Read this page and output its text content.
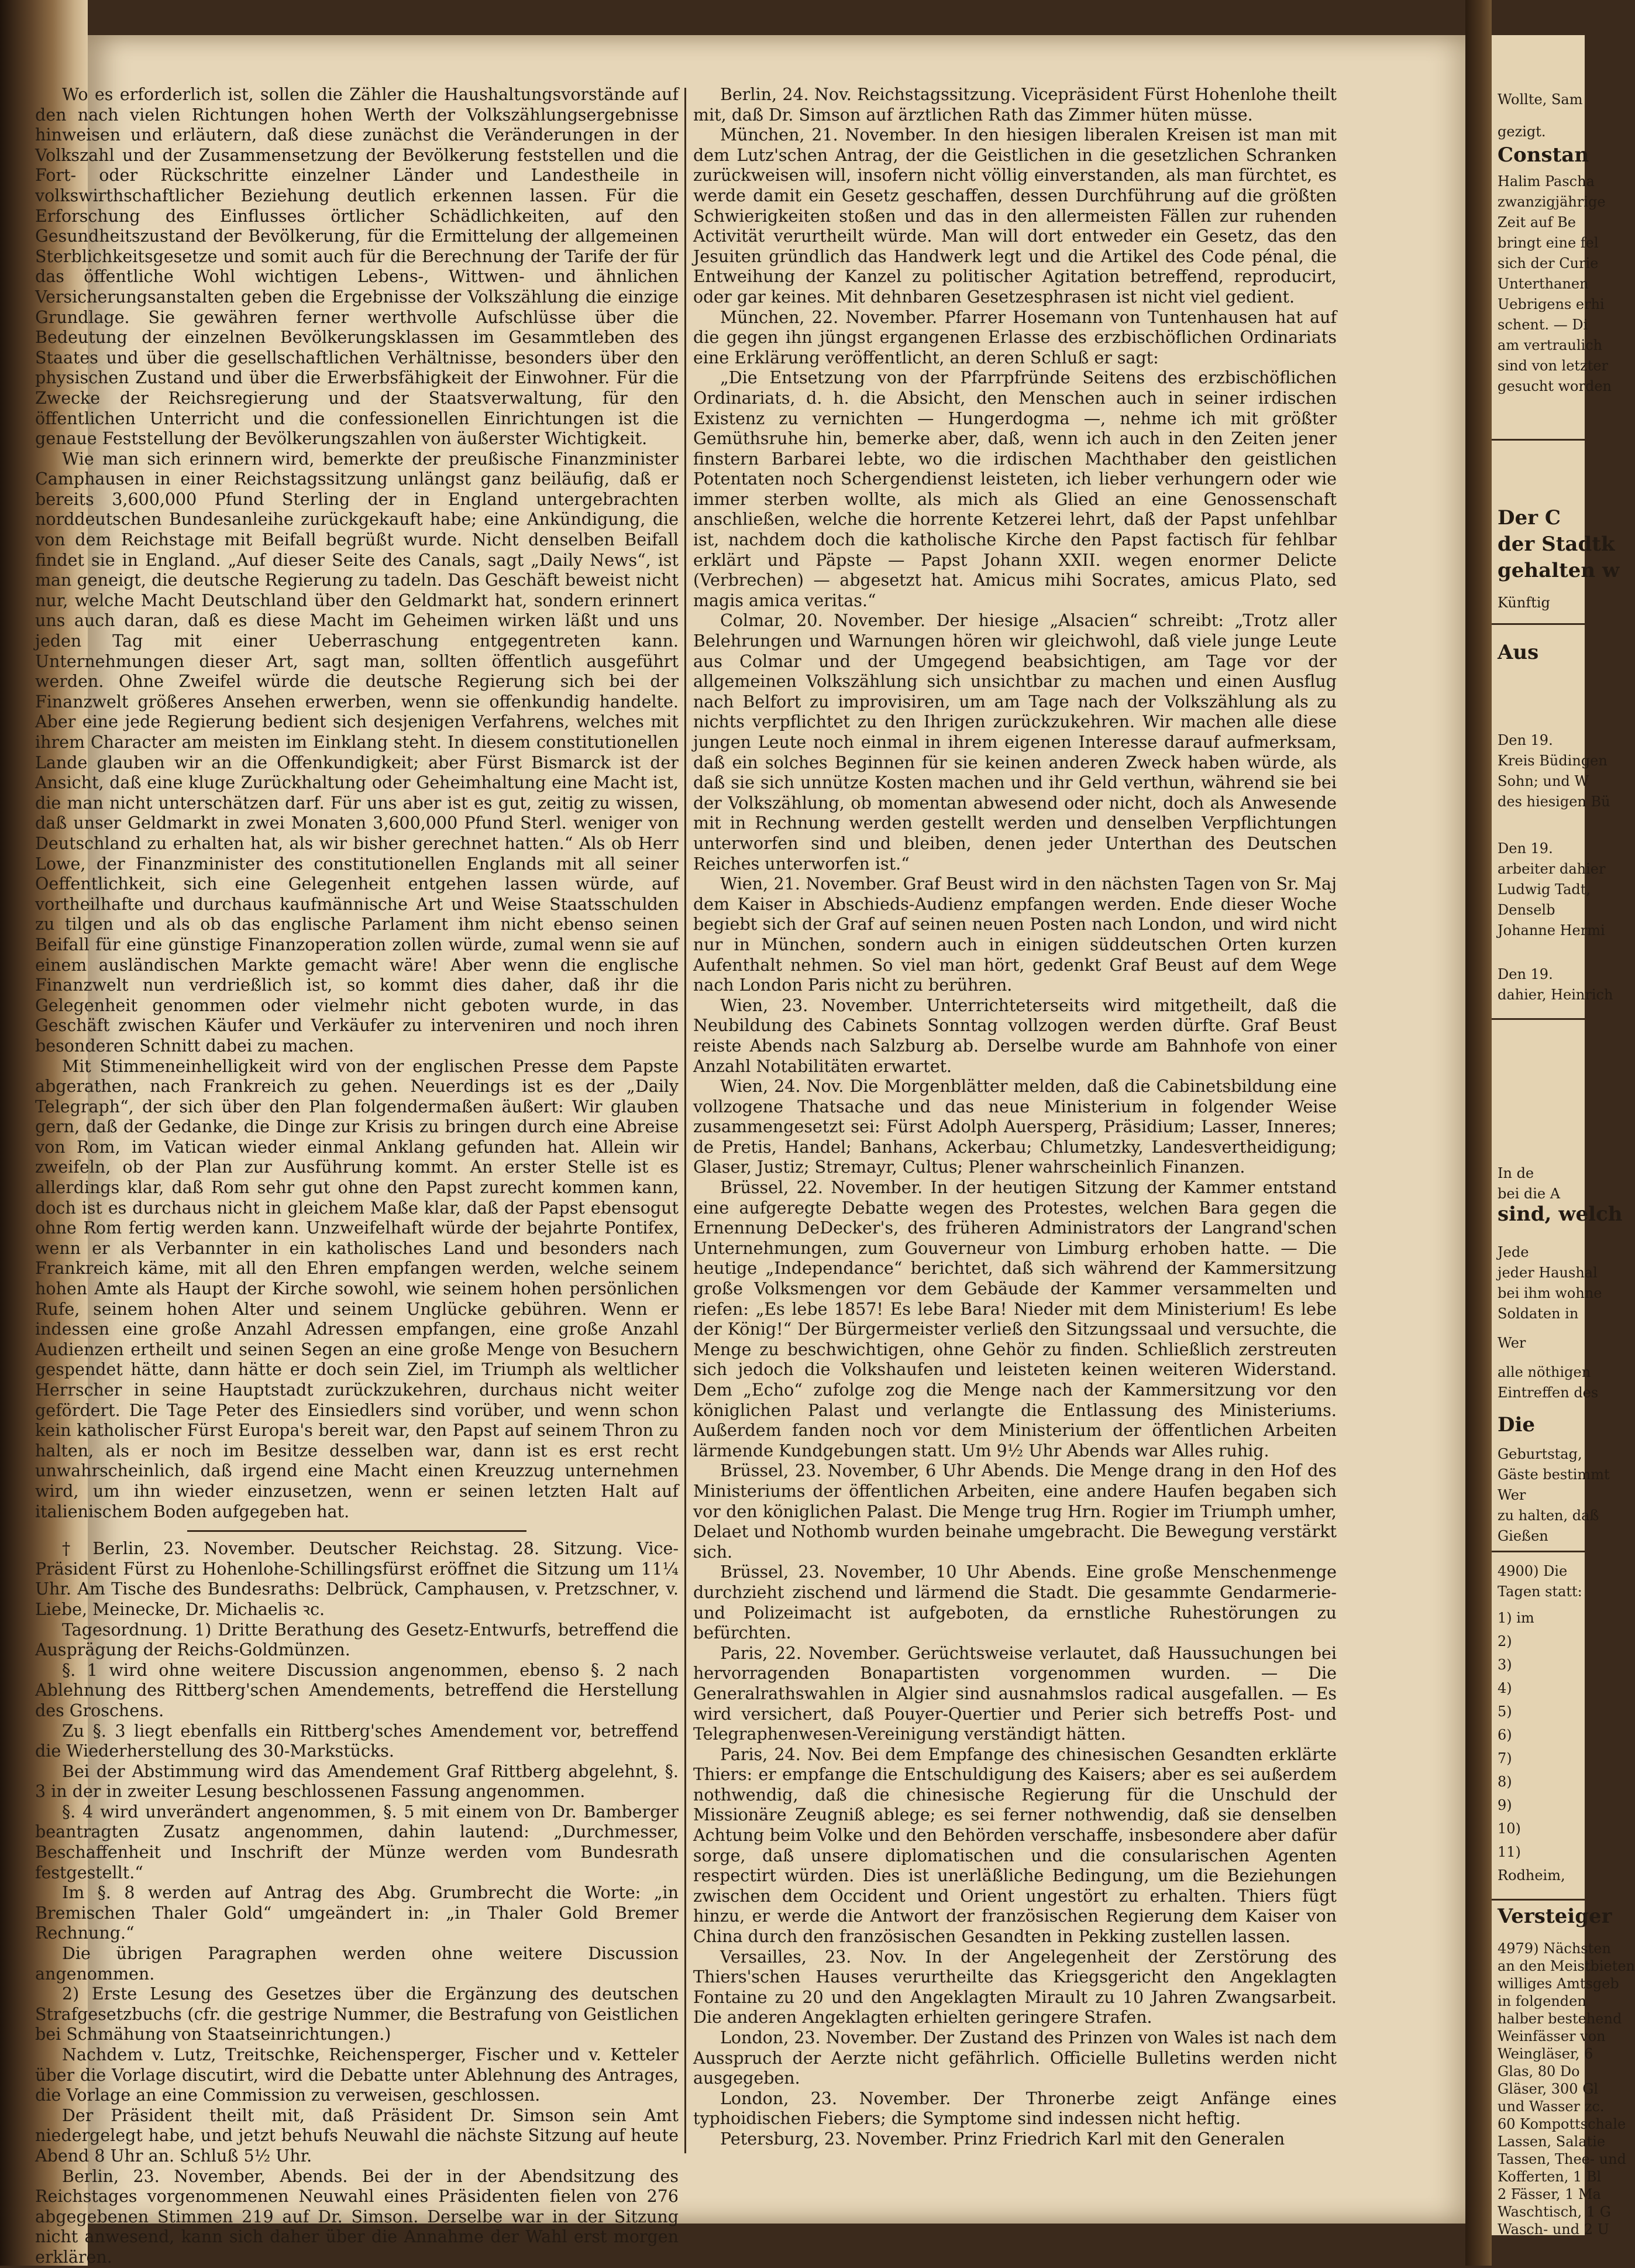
Wo es erforderlich ist, sollen die Zähler die Haushaltungsvorstände auf den nach vielen Richtungen hohen Werth der Volkszählungsergebnisse hinweisen und erläutern, daß diese zunächst die Veränderungen in der Volkszahl und der Zusammensetzung der Bevölkerung feststellen und die Fort- oder Rückschritte einzelner Länder und Landestheile in volkswirthschaftlicher Beziehung deutlich erkennen lassen. Für die Erforschung des Einflusses örtlicher Schädlichkeiten, auf den Gesundheitszustand der Bevölkerung, für die Ermittelung der allgemeinen Sterblichkeitsgesetze und somit auch für die Berechnung der Tarife der für das öffentliche Wohl wichtigen Lebens-, Wittwen- und ähnlichen Versicherungsanstalten geben die Ergebnisse der Volkszählung die einzige Grundlage. Sie gewähren ferner werthvolle Aufschlüsse über die Bedeutung der einzelnen Bevölkerungsklassen im Gesammtleben des Staates und über die gesellschaftlichen Verhältnisse, besonders über den physischen Zustand und über die Erwerbsfähigkeit der Einwohner. Für die Zwecke der Reichsregierung und der Staatsverwaltung, für den öffentlichen Unterricht und die confessionellen Einrichtungen ist die genaue Feststellung der Bevölkerungszahlen von äußerster Wichtigkeit.

Wie man sich erinnern wird, bemerkte der preußische Finanzminister Camphausen in einer Reichstagssitzung unlängst ganz beiläufig, daß er bereits 3,600,000 Pfund Sterling der in England untergebrachten norddeutschen Bundesanleihe zurückgekauft habe; eine Ankündigung, die von dem Reichstage mit Beifall begrüßt wurde. Nicht denselben Beifall findet sie in England. „Auf dieser Seite des Canals, sagt „Daily News“, ist man geneigt, die deutsche Regierung zu tadeln. Das Geschäft beweist nicht nur, welche Macht Deutschland über den Geldmarkt hat, sondern erinnert uns auch daran, daß es diese Macht im Geheimen wirken läßt und uns jeden Tag mit einer Ueberraschung entgegentreten kann. Unternehmungen dieser Art, sagt man, sollten öffentlich ausgeführt werden. Ohne Zweifel würde die deutsche Regierung sich bei der Finanzwelt größeres Ansehen erwerben, wenn sie offenkundig handelte. Aber eine jede Regierung bedient sich desjenigen Verfahrens, welches mit ihrem Character am meisten im Einklang steht. In diesem constitutionellen Lande glauben wir an die Offenkundigkeit; aber Fürst Bismarck ist der Ansicht, daß eine kluge Zurückhaltung oder Geheimhaltung eine Macht ist, die man nicht unterschätzen darf. Für uns aber ist es gut, zeitig zu wissen, daß unser Geldmarkt in zwei Monaten 3,600,000 Pfund Sterl. weniger von Deutschland zu erhalten hat, als wir bisher gerechnet hatten.“ Als ob Herr Lowe, der Finanzminister des constitutionellen Englands mit all seiner Oeffentlichkeit, sich eine Gelegenheit entgehen lassen würde, auf vortheilhafte und durchaus kaufmännische Art und Weise Staatsschulden zu tilgen und als ob das englische Parlament ihm nicht ebenso seinen Beifall für eine günstige Finanzoperation zollen würde, zumal wenn sie auf einem ausländischen Markte gemacht wäre! Aber wenn die englische Finanzwelt nun verdrießlich ist, so kommt dies daher, daß ihr die Gelegenheit genommen oder vielmehr nicht geboten wurde, in das Geschäft zwischen Käufer und Verkäufer zu interveniren und noch ihren besonderen Schnitt dabei zu machen.

Mit Stimmeneinhelligkeit wird von der englischen Presse dem Papste abgerathen, nach Frankreich zu gehen. Neuerdings ist es der „Daily Telegraph“, der sich über den Plan folgendermaßen äußert: Wir glauben gern, daß der Gedanke, die Dinge zur Krisis zu bringen durch eine Abreise von Rom, im Vatican wieder einmal Anklang gefunden hat. Allein wir zweifeln, ob der Plan zur Ausführung kommt. An erster Stelle ist es allerdings klar, daß Rom sehr gut ohne den Papst zurecht kommen kann, doch ist es durchaus nicht in gleichem Maße klar, daß der Papst ebensogut ohne Rom fertig werden kann. Unzweifelhaft würde der bejahrte Pontifex, wenn er als Verbannter in ein katholisches Land und besonders nach Frankreich käme, mit all den Ehren empfangen werden, welche seinem hohen Amte als Haupt der Kirche sowohl, wie seinem hohen persönlichen Rufe, seinem hohen Alter und seinem Unglücke gebühren. Wenn er indessen eine große Anzahl Adressen empfangen, eine große Anzahl Audienzen ertheilt und seinen Segen an eine große Menge von Besuchern gespendet hätte, dann hätte er doch sein Ziel, im Triumph als weltlicher Herrscher in seine Hauptstadt zurückzukehren, durchaus nicht weiter gefördert. Die Tage Peter des Einsiedlers sind vorüber, und wenn schon kein katholischer Fürst Europa's bereit war, den Papst auf seinem Thron zu halten, als er noch im Besitze desselben war, dann ist es erst recht unwahrscheinlich, daß irgend eine Macht einen Kreuzzug unternehmen wird, um ihn wieder einzusetzen, wenn er seinen letzten Halt auf italienischem Boden aufgegeben hat.

† Berlin, 23. November. Deutscher Reichstag. 28. Sitzung. Vice-Präsident Fürst zu Hohenlohe-Schillingsfürst eröffnet die Sitzung um 11¼ Uhr. Am Tische des Bundesraths: Delbrück, Camphausen, v. Pretzschner, v. Liebe, Meinecke, Dr. Michaelis ꝛc.

Tagesordnung. 1) Dritte Berathung des Gesetz-Entwurfs, betreffend die Ausprägung der Reichs-Goldmünzen.

§. 1 wird ohne weitere Discussion angenommen, ebenso §. 2 nach Ablehnung des Rittberg'schen Amendements, betreffend die Herstellung des Groschens.

Zu §. 3 liegt ebenfalls ein Rittberg'sches Amendement vor, betreffend die Wiederherstellung des 30-Markstücks.

Bei der Abstimmung wird das Amendement Graf Rittberg abgelehnt, §. 3 in der in zweiter Lesung beschlossenen Fassung angenommen.

§. 4 wird unverändert angenommen, §. 5 mit einem von Dr. Bamberger beantragten Zusatz angenommen, dahin lautend: „Durchmesser, Beschaffenheit und Inschrift der Münze werden vom Bundesrath festgestellt.“

Im §. 8 werden auf Antrag des Abg. Grumbrecht die Worte: „in Bremischen Thaler Gold“ umgeändert in: „in Thaler Gold Bremer Rechnung.“

Die übrigen Paragraphen werden ohne weitere Discussion angenommen.

2) Erste Lesung des Gesetzes über die Ergänzung des deutschen Strafgesetzbuchs (cfr. die gestrige Nummer, die Bestrafung von Geistlichen bei Schmähung von Staatseinrichtungen.)

Nachdem v. Lutz, Treitschke, Reichensperger, Fischer und v. Ketteler über die Vorlage discutirt, wird die Debatte unter Ablehnung des Antrages, die Vorlage an eine Commission zu verweisen, geschlossen.

Der Präsident theilt mit, daß Präsident Dr. Simson sein Amt niedergelegt habe, und jetzt behufs Neuwahl die nächste Sitzung auf heute Abend 8 Uhr an. Schluß 5½ Uhr.

Berlin, 23. November, Abends. Bei der in der Abendsitzung des Reichstages vorgenommenen Neuwahl eines Präsidenten fielen von 276 abgegebenen Stimmen 219 auf Dr. Simson. Derselbe war in der Sitzung nicht anwesend, kann sich daher über die Annahme der Wahl erst morgen erklären.

Berlin, 24. Nov. Reichstagssitzung. Vicepräsident Fürst Hohenlohe theilt mit, daß Dr. Simson auf ärztlichen Rath das Zimmer hüten müsse.

München, 21. November. In den hiesigen liberalen Kreisen ist man mit dem Lutz'schen Antrag, der die Geistlichen in die gesetzlichen Schranken zurückweisen will, insofern nicht völlig einverstanden, als man fürchtet, es werde damit ein Gesetz geschaffen, dessen Durchführung auf die größten Schwierigkeiten stoßen und das in den allermeisten Fällen zur ruhenden Activität verurtheilt würde. Man will dort entweder ein Gesetz, das den Jesuiten gründlich das Handwerk legt und die Artikel des Code pénal, die Entweihung der Kanzel zu politischer Agitation betreffend, reproducirt, oder gar keines. Mit dehnbaren Gesetzesphrasen ist nicht viel gedient.

München, 22. November. Pfarrer Hosemann von Tuntenhausen hat auf die gegen ihn jüngst ergangenen Erlasse des erzbischöflichen Ordinariats eine Erklärung veröffentlicht, an deren Schluß er sagt:

„Die Entsetzung von der Pfarrpfründe Seitens des erzbischöflichen Ordinariats, d. h. die Absicht, den Menschen auch in seiner irdischen Existenz zu vernichten — Hungerdogma —, nehme ich mit größter Gemüthsruhe hin, bemerke aber, daß, wenn ich auch in den Zeiten jener finstern Barbarei lebte, wo die irdischen Machthaber den geistlichen Potentaten noch Schergendienst leisteten, ich lieber verhungern oder wie immer sterben wollte, als mich als Glied an eine Genossenschaft anschließen, welche die horrente Ketzerei lehrt, daß der Papst unfehlbar ist, nachdem doch die katholische Kirche den Papst factisch für fehlbar erklärt und Päpste — Papst Johann XXII. wegen enormer Delicte (Verbrechen) — abgesetzt hat. Amicus mihi Socrates, amicus Plato, sed magis amica veritas.“

Colmar, 20. November. Der hiesige „Alsacien“ schreibt: „Trotz aller Belehrungen und Warnungen hören wir gleichwohl, daß viele junge Leute aus Colmar und der Umgegend beabsichtigen, am Tage vor der allgemeinen Volkszählung sich unsichtbar zu machen und einen Ausflug nach Belfort zu improvisiren, um am Tage nach der Volkszählung als zu nichts verpflichtet zu den Ihrigen zurückzukehren. Wir machen alle diese jungen Leute noch einmal in ihrem eigenen Interesse darauf aufmerksam, daß ein solches Beginnen für sie keinen anderen Zweck haben würde, als daß sie sich unnütze Kosten machen und ihr Geld verthun, während sie bei der Volkszählung, ob momentan abwesend oder nicht, doch als Anwesende mit in Rechnung werden gestellt werden und denselben Verpflichtungen unterworfen sind und bleiben, denen jeder Unterthan des Deutschen Reiches unterworfen ist.“

Wien, 21. November. Graf Beust wird in den nächsten Tagen von Sr. Maj dem Kaiser in Abschieds-Audienz empfangen werden. Ende dieser Woche begiebt sich der Graf auf seinen neuen Posten nach London, und wird nicht nur in München, sondern auch in einigen süddeutschen Orten kurzen Aufenthalt nehmen. So viel man hört, gedenkt Graf Beust auf dem Wege nach London Paris nicht zu berühren.

Wien, 23. November. Unterrichteterseits wird mitgetheilt, daß die Neubildung des Cabinets Sonntag vollzogen werden dürfte. Graf Beust reiste Abends nach Salzburg ab. Derselbe wurde am Bahnhofe von einer Anzahl Notabilitäten erwartet.

Wien, 24. Nov. Die Morgenblätter melden, daß die Cabinetsbildung eine vollzogene Thatsache und das neue Ministerium in folgender Weise zusammengesetzt sei: Fürst Adolph Auersperg, Präsidium; Lasser, Inneres; de Pretis, Handel; Banhans, Ackerbau; Chlumetzky, Landesvertheidigung; Glaser, Justiz; Stremayr, Cultus; Plener wahrscheinlich Finanzen.

Brüssel, 22. November. In der heutigen Sitzung der Kammer entstand eine aufgeregte Debatte wegen des Protestes, welchen Bara gegen die Ernennung DeDecker's, des früheren Administrators der Langrand'schen Unternehmungen, zum Gouverneur von Limburg erhoben hatte. — Die heutige „Independance“ berichtet, daß sich während der Kammersitzung große Volksmengen vor dem Gebäude der Kammer versammelten und riefen: „Es lebe 1857! Es lebe Bara! Nieder mit dem Ministerium! Es lebe der König!“ Der Bürgermeister verließ den Sitzungssaal und versuchte, die Menge zu beschwichtigen, ohne Gehör zu finden. Schließlich zerstreuten sich jedoch die Volkshaufen und leisteten keinen weiteren Widerstand. Dem „Echo“ zufolge zog die Menge nach der Kammersitzung vor den königlichen Palast und verlangte die Entlassung des Ministeriums. Außerdem fanden noch vor dem Ministerium der öffentlichen Arbeiten lärmende Kundgebungen statt. Um 9½ Uhr Abends war Alles ruhig.

Brüssel, 23. November, 6 Uhr Abends. Die Menge drang in den Hof des Ministeriums der öffentlichen Arbeiten, eine andere Haufen begaben sich vor den königlichen Palast. Die Menge trug Hrn. Rogier im Triumph umher, Delaet und Nothomb wurden beinahe umgebracht. Die Bewegung verstärkt sich.

Brüssel, 23. November, 10 Uhr Abends. Eine große Menschenmenge durchzieht zischend und lärmend die Stadt. Die gesammte Gendarmerie- und Polizeimacht ist aufgeboten, da ernstliche Ruhestörungen zu befürchten.

Paris, 22. November. Gerüchtsweise verlautet, daß Haussuchungen bei hervorragenden Bonapartisten vorgenommen wurden. — Die Generalrathswahlen in Algier sind ausnahmslos radical ausgefallen. — Es wird versichert, daß Pouyer-Quertier und Perier sich betreffs Post- und Telegraphenwesen-Vereinigung verständigt hätten.

Paris, 24. Nov. Bei dem Empfange des chinesischen Gesandten erklärte Thiers: er empfange die Entschuldigung des Kaisers; aber es sei außerdem nothwendig, daß die chinesische Regierung für die Unschuld der Missionäre Zeugniß ablege; es sei ferner nothwendig, daß sie denselben Achtung beim Volke und den Behörden verschaffe, insbesondere aber dafür sorge, daß unsere diplomatischen und die consularischen Agenten respectirt würden. Dies ist unerläßliche Bedingung, um die Beziehungen zwischen dem Occident und Orient ungestört zu erhalten. Thiers fügt hinzu, er werde die Antwort der französischen Regierung dem Kaiser von China durch den französischen Gesandten in Pekking zustellen lassen.

Versailles, 23. Nov. In der Angelegenheit der Zerstörung des Thiers'schen Hauses verurtheilte das Kriegsgericht den Angeklagten Fontaine zu 20 und den Angeklagten Mirault zu 10 Jahren Zwangsarbeit. Die anderen Angeklagten erhielten geringere Strafen.

London, 23. November. Der Zustand des Prinzen von Wales ist nach dem Ausspruch der Aerzte nicht gefährlich. Officielle Bulletins werden nicht ausgegeben.

London, 23. November. Der Thronerbe zeigt Anfänge eines typhoidischen Fiebers; die Symptome sind indessen nicht heftig.

Petersburg, 23. November. Prinz Friedrich Karl mit den Generalen

Wollte, Sam
gezigt.
Constan
Halim Pascha
zwanzigjährige
Zeit auf Be
bringt eine fel
sich der Curie
Unterthanen
Uebrigens erhi
schent. — Di
am vertraulich
sind von letzter
gesucht worden
Der C
der Stadtk
gehalten w
Künftig
Aus
Den 19.
Kreis Büdingen
Sohn; und W
des hiesigen Bü
Den 19.
arbeiter dahier
Ludwig Tadt,
Denselb
Johanne Hermi
Den 19.
dahier, Heinrich
In de
bei die A
sind, welch
Jede
jeder Haushal
bei ihm wohne
Soldaten in
Wer
alle nöthigen
Eintreffen des
Die
Geburtstag,
Gäste bestimmt
Wer
zu halten, daß
Gießen
4900) Die
Tagen statt:
1) im
2)
3)
4)
5)
6)
7)
8)
9)
10)
11)
Rodheim,
Versteiger
4979) Nächsten
an den Meistbieten
williges Amtsgeb
in folgenden
halber bestehend
Weinfässer von
Weingläser, 6
Glas, 80 Do
Gläser, 300 Gl
und Wasser zc.
60 Kompottschale
Lassen, Salatie
Tassen, Thee- und
Kofferten, 1 Bl
2 Fässer, 1 Ma
Waschtisch, 1 G
Wasch- und 2 U
